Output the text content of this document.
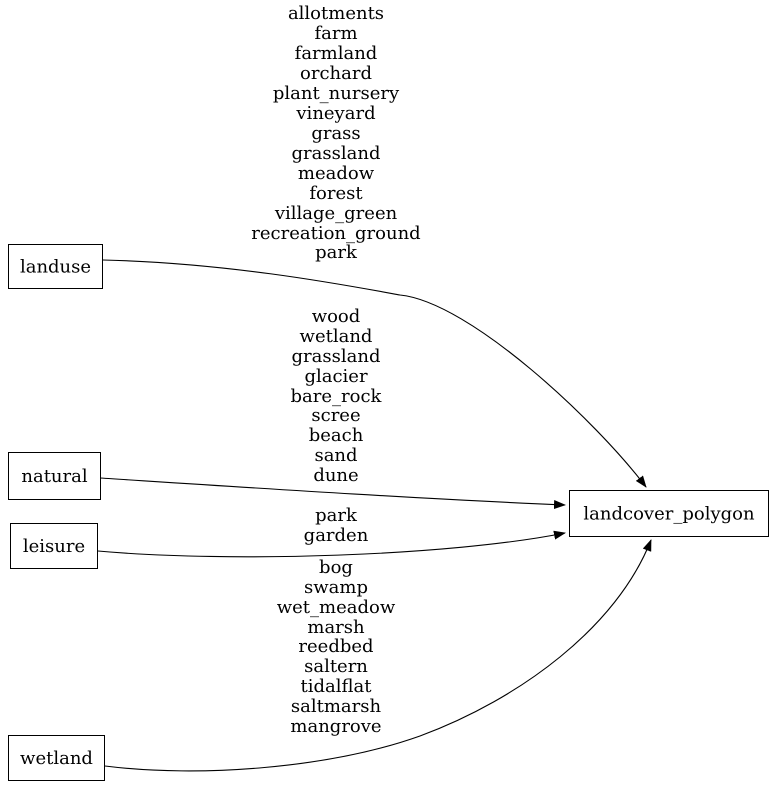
allotments
farm
farmland
orchard
plant_nursery
vineyard
grass
grassland
meadow
forest
village_green
recreation_ground
park
wood
wetland
grassland
glacier
bare_rock
scree
beach
sand
dune
park
garden
bog
swamp
wet_meadow
marsh
reedbed
saltern
tidalflat
saltmarsh
mangrove
landuse
natural
leisure
wetland
landcover_polygon
